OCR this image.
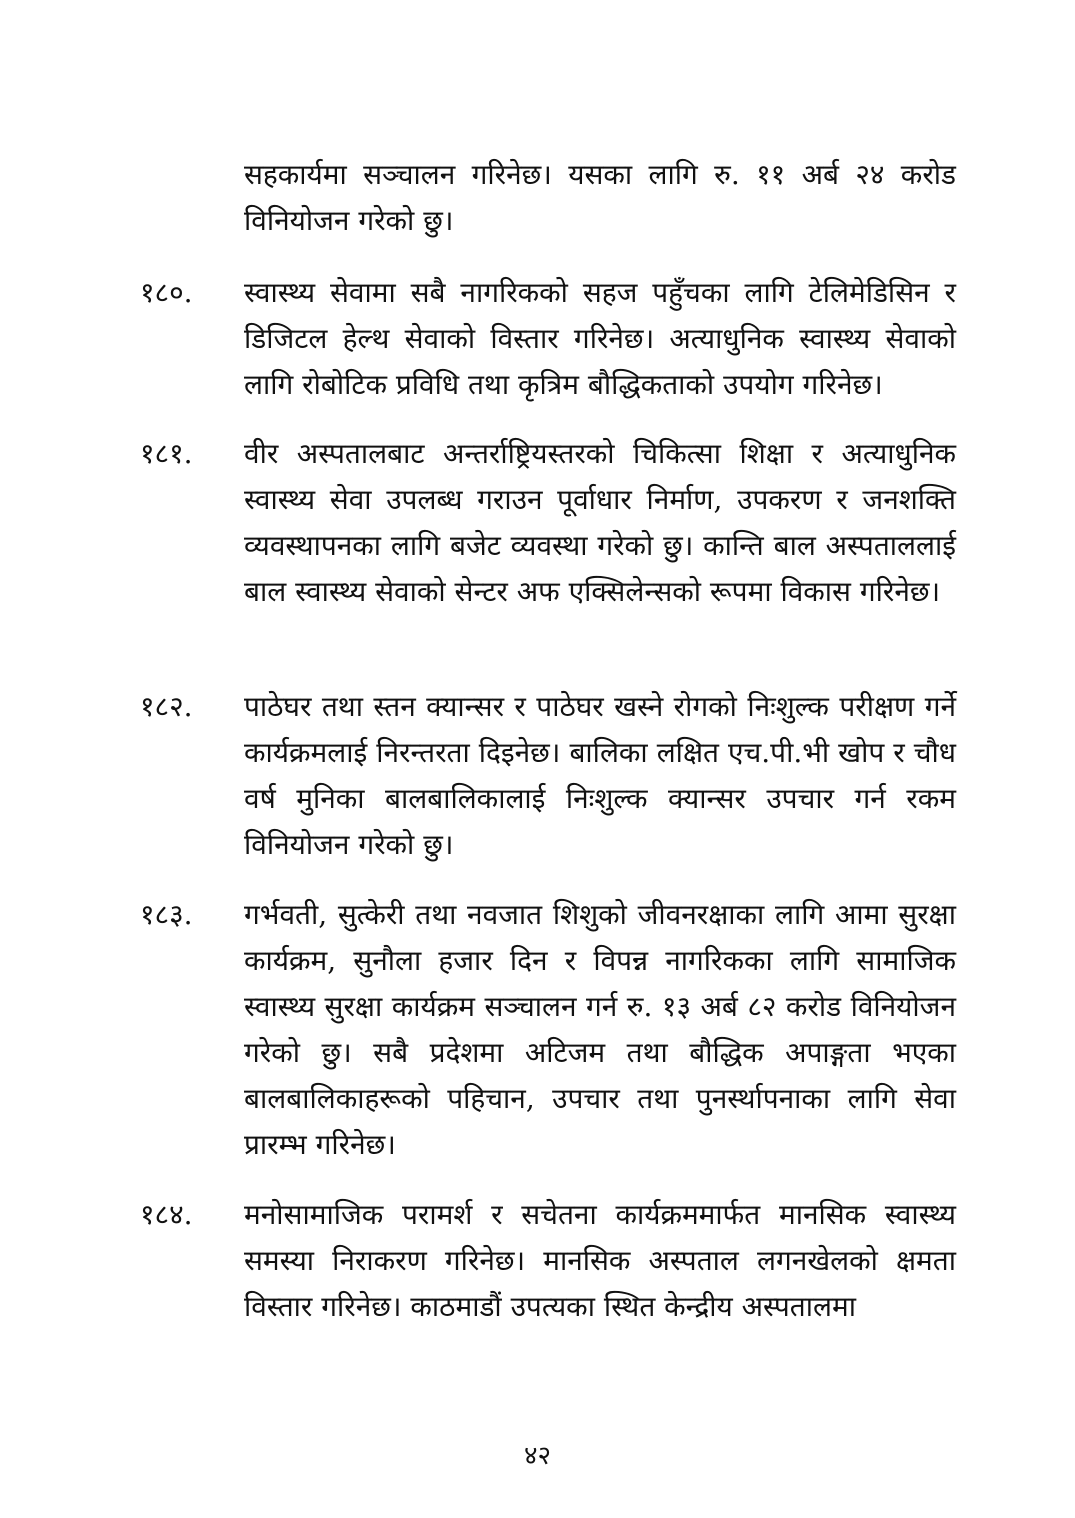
सहकार्यमा सञ्चालन गरिनेछ। यसका लागि रु. ११ अर्ब २४ करोड विनियोजन गरेको छु।

१८०. स्वास्थ्य सेवामा सबै नागरिकको सहज पहुँचका लागि टेलिमेडिसिन र डिजिटल हेल्थ सेवाको विस्तार गरिनेछ। अत्याधुनिक स्वास्थ्य सेवाको लागि रोबोटिक प्रविधि तथा कृत्रिम बौद्धिकताको उपयोग गरिनेछ।

१८१. वीर अस्पतालबाट अन्तर्राष्ट्रियस्तरको चिकित्सा शिक्षा र अत्याधुनिक स्वास्थ्य सेवा उपलब्ध गराउन पूर्वाधार निर्माण, उपकरण र जनशक्ति व्यवस्थापनका लागि बजेट व्यवस्था गरेको छु। कान्ति बाल अस्पताललाई बाल स्वास्थ्य सेवाको सेन्टर अफ एक्सिलेन्सको रूपमा विकास गरिनेछ।

१८२. पाठेघर तथा स्तन क्यान्सर र पाठेघर खस्ने रोगको निःशुल्क परीक्षण गर्ने कार्यक्रमलाई निरन्तरता दिइनेछ। बालिका लक्षित एच.पी.भी खोप र चौध वर्ष मुनिका बालबालिकालाई निःशुल्क क्यान्सर उपचार गर्न रकम विनियोजन गरेको छु।

१८३. गर्भवती, सुत्केरी तथा नवजात शिशुको जीवनरक्षाका लागि आमा सुरक्षा कार्यक्रम, सुनौला हजार दिन र विपन्न नागरिकका लागि सामाजिक स्वास्थ्य सुरक्षा कार्यक्रम सञ्चालन गर्न रु. १३ अर्ब ८२ करोड विनियोजन गरेको छु। सबै प्रदेशमा अटिजम तथा बौद्धिक अपाङ्गता भएका बालबालिकाहरूको पहिचान, उपचार तथा पुनर्स्थापनाका लागि सेवा प्रारम्भ गरिनेछ।

१८४. मनोसामाजिक परामर्श र सचेतना कार्यक्रममार्फत मानसिक स्वास्थ्य समस्या निराकरण गरिनेछ। मानसिक अस्पताल लगनखेलको क्षमता विस्तार गरिनेछ। काठमाडौं उपत्यका स्थित केन्द्रीय अस्पतालमा

४२
